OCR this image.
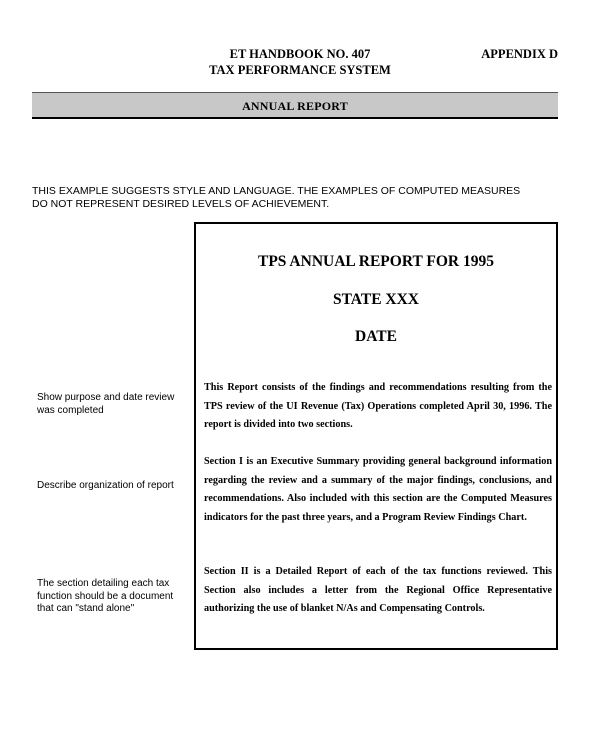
ET HANDBOOK NO. 407
TAX PERFORMANCE SYSTEM
APPENDIX D
ANNUAL REPORT
THIS EXAMPLE SUGGESTS STYLE AND LANGUAGE. THE EXAMPLES OF COMPUTED MEASURES
DO NOT REPRESENT DESIRED LEVELS OF ACHIEVEMENT.
Show purpose and date review
was completed
Describe organization of report
The section detailing each tax
function should be a document
that can "stand alone"
TPS ANNUAL REPORT FOR 1995
STATE XXX
DATE
This Report consists of the findings and recommendations resulting from the TPS review of the UI Revenue (Tax) Operations completed April 30, 1996. The report is divided into two sections.
Section I is an Executive Summary providing general background information regarding the review and a summary of the major findings, conclusions, and recommendations. Also included with this section are the Computed Measures indicators for the past three years, and a Program Review Findings Chart.
Section II is a Detailed Report of each of the tax functions reviewed. This Section also includes a letter from the Regional Office Representative authorizing the use of blanket N/As and Compensating Controls.
